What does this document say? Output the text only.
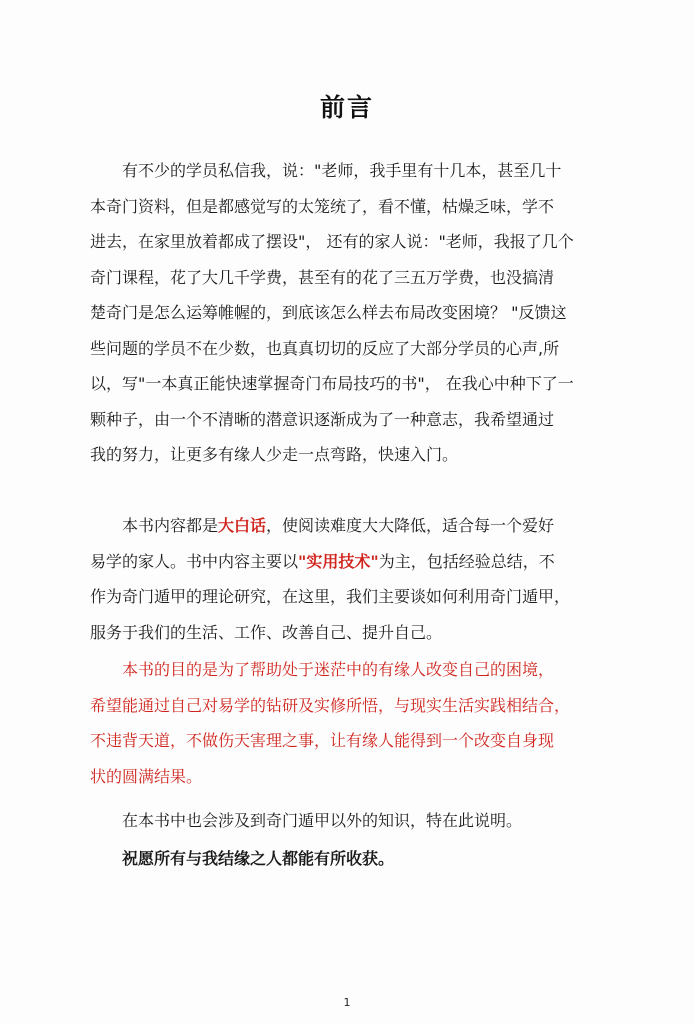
前言
有不少的学员私信我，说："老师，我手里有十几本，甚至几十
本奇门资料，但是都感觉写的太笼统了，看不懂，枯燥乏味，学不
进去，在家里放着都成了摆设"， 还有的家人说："老师，我报了几个
奇门课程，花了大几千学费，甚至有的花了三五万学费，也没搞清
楚奇门是怎么运筹帷幄的，到底该怎么样去布局改变困境？ "反馈这
些问题的学员不在少数，也真真切切的反应了大部分学员的心声,所
以，写"一本真正能快速掌握奇门布局技巧的书"， 在我心中种下了一
颗种子，由一个不清晰的潜意识逐渐成为了一种意志，我希望通过
我的努力，让更多有缘人少走一点弯路，快速入门。
本书内容都是大白话，使阅读难度大大降低，适合每一个爱好
易学的家人。书中内容主要以"实用技术"为主，包括经验总结，不
作为奇门遁甲的理论研究，在这里，我们主要谈如何利用奇门遁甲，
服务于我们的生活、工作、改善自己、提升自己。
本书的目的是为了帮助处于迷茫中的有缘人改变自己的困境，
希望能通过自己对易学的钻研及实修所悟，与现实生活实践相结合，
不违背天道，不做伤天害理之事，让有缘人能得到一个改变自身现
状的圆满结果。
在本书中也会涉及到奇门遁甲以外的知识，特在此说明。
祝愿所有与我结缘之人都能有所收获。
1
